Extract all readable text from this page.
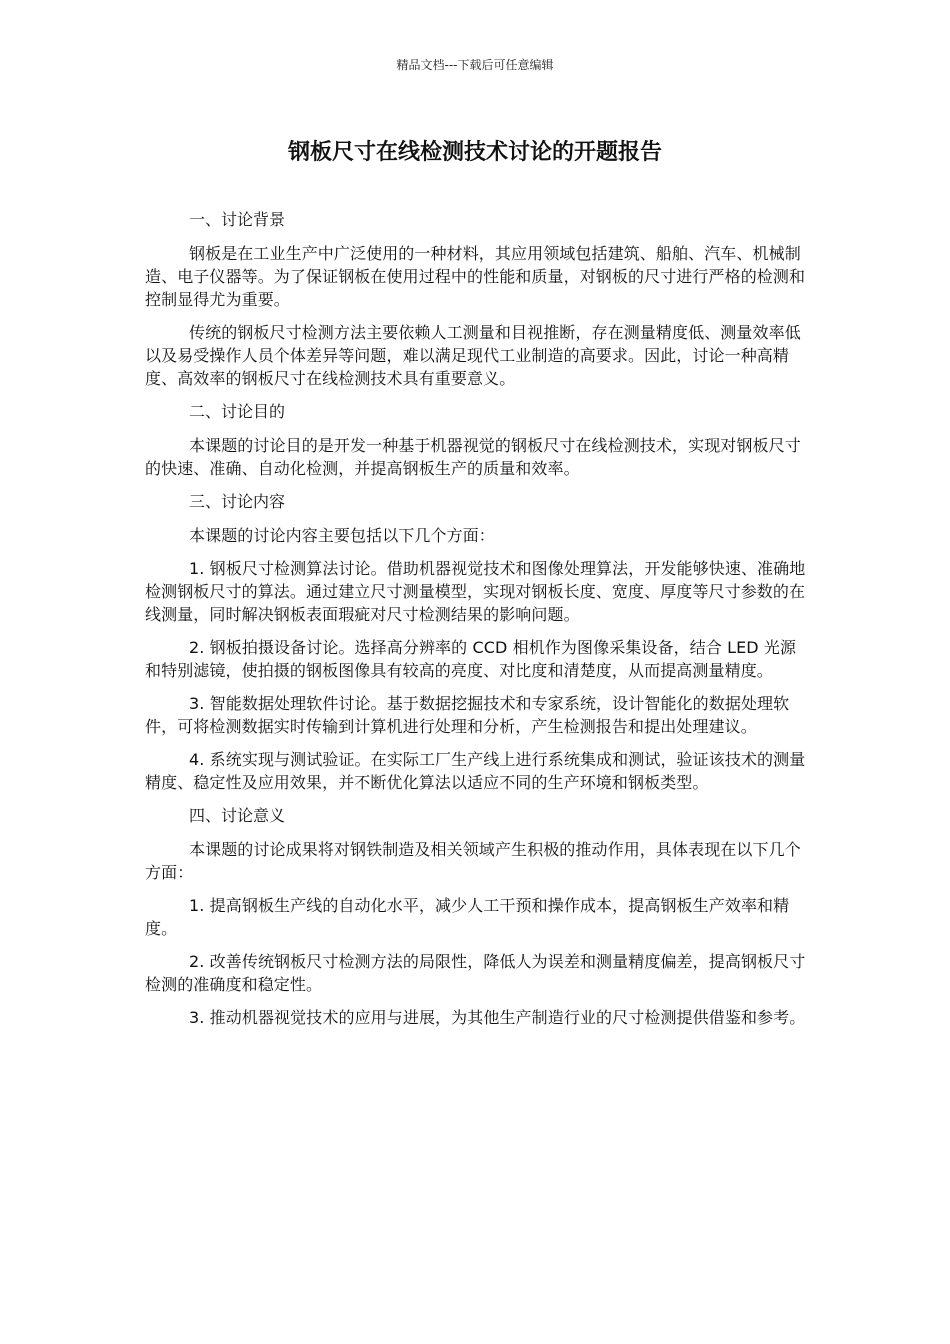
精品文档---下载后可任意编辑
钢板尺寸在线检测技术讨论的开题报告
一、讨论背景

钢板是在工业生产中广泛使用的一种材料，其应用领域包括建筑、船舶、汽车、机械制造、电子仪器等。为了保证钢板在使用过程中的性能和质量，对钢板的尺寸进行严格的检测和控制显得尤为重要。

传统的钢板尺寸检测方法主要依赖人工测量和目视推断，存在测量精度低、测量效率低以及易受操作人员个体差异等问题，难以满足现代工业制造的高要求。因此，讨论一种高精度、高效率的钢板尺寸在线检测技术具有重要意义。

二、讨论目的

本课题的讨论目的是开发一种基于机器视觉的钢板尺寸在线检测技术，实现对钢板尺寸的快速、准确、自动化检测，并提高钢板生产的质量和效率。

三、讨论内容

本课题的讨论内容主要包括以下几个方面：

1. 钢板尺寸检测算法讨论。借助机器视觉技术和图像处理算法，开发能够快速、准确地检测钢板尺寸的算法。通过建立尺寸测量模型，实现对钢板长度、宽度、厚度等尺寸参数的在线测量，同时解决钢板表面瑕疵对尺寸检测结果的影响问题。

2. 钢板拍摄设备讨论。选择高分辨率的 CCD 相机作为图像采集设备，结合 LED 光源和特别滤镜，使拍摄的钢板图像具有较高的亮度、对比度和清楚度，从而提高测量精度。

3. 智能数据处理软件讨论。基于数据挖掘技术和专家系统，设计智能化的数据处理软件，可将检测数据实时传输到计算机进行处理和分析，产生检测报告和提出处理建议。

4. 系统实现与测试验证。在实际工厂生产线上进行系统集成和测试，验证该技术的测量精度、稳定性及应用效果，并不断优化算法以适应不同的生产环境和钢板类型。

四、讨论意义

本课题的讨论成果将对钢铁制造及相关领域产生积极的推动作用，具体表现在以下几个方面：

1. 提高钢板生产线的自动化水平，减少人工干预和操作成本，提高钢板生产效率和精度。

2. 改善传统钢板尺寸检测方法的局限性，降低人为误差和测量精度偏差，提高钢板尺寸检测的准确度和稳定性。

3. 推动机器视觉技术的应用与进展，为其他生产制造行业的尺寸检测提供借鉴和参考。
